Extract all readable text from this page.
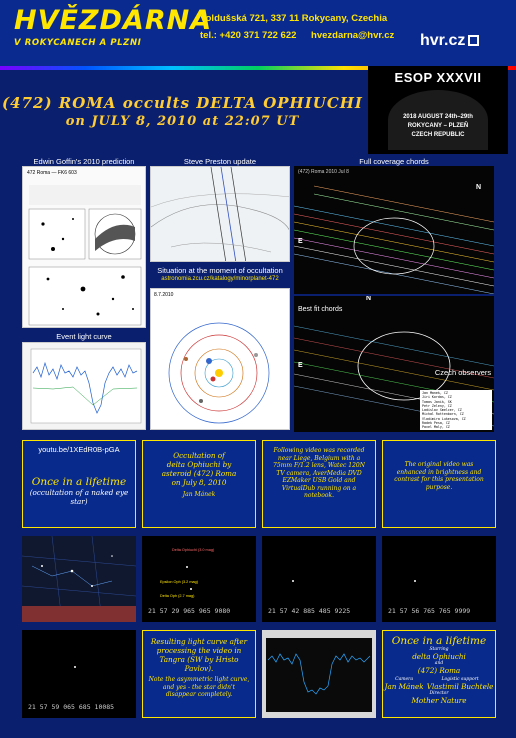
HVĚZDÁRNA
V ROKYCANECH A PLZNI
Voldušská 721, 337 11 Rokycany, Czechia
tel.: +420 371 722 622 hvezdarna@hvr.cz hvr.cz
(472) ROMA occults DELTA OPHIUCHI
on JULY 8, 2010 at 22:07 UT
ESOP XXXVII
2018 AUGUST 24th–29th
ROKYCANY – PLZEŇ
CZECH REPUBLIC
Edwin Goffin's 2010 prediction	Steve Preston update	Full coverage chords
472 Roma — FK6 603
Situation at the moment of occultation
astronomia.zcu.cz/katalogy/minorplanet-472
8.7.2010
Event light curve
(472) Roma 2010 Jul 8
N
E
Best fit chords
N
E
Czech observers
Jan Manek, CZ
Jiri Kordas, CZ
Tomas Janik, SK
Petr Zeleny, CZ
Ladislav Smelcer, CZ
Michal Rottenborn, CZ
Vladimira Lukesova, CZ
Radek Pesa, CZ
Pavel Maly, CZ
youtu.be/1XEdR0B-pGA
Once in a lifetime
(occultation of a naked eye star)
Occultation of
delta Ophiuchi by
asteroid (472) Roma
on July 8, 2010
Jan Mánek
Following video was recorded near Liege, Belgium with a 75mm F/1.2 lens, Watec 120N TV camera, AverMedia DVD EZMaker USB Gold and VirtualDub running on a notebook.
The original video was enhanced in brightness and contrast for this presentation purpose.
Delta Ophiuchi (3.0 mag)
Epsilon Oph (3.2 mag)
Delta Oph (2.7 mag)
21 57 29 965 965 9080	21 57 42 885 485 9225	21 57 56 765 765 9999
21 57 59 065 685 10085
Resulting light curve after processing the video in Tangra (SW by Hristo Pavlov).
Note the asymmetric light curve, and yes - the star didn't disappear completely.
Once in a lifetime
Starring
delta Ophiuchi
and
(472) Roma
Camera
Jan Mánek
Logistic support
Vlastimil Buchtele
Director
Mother Nature
